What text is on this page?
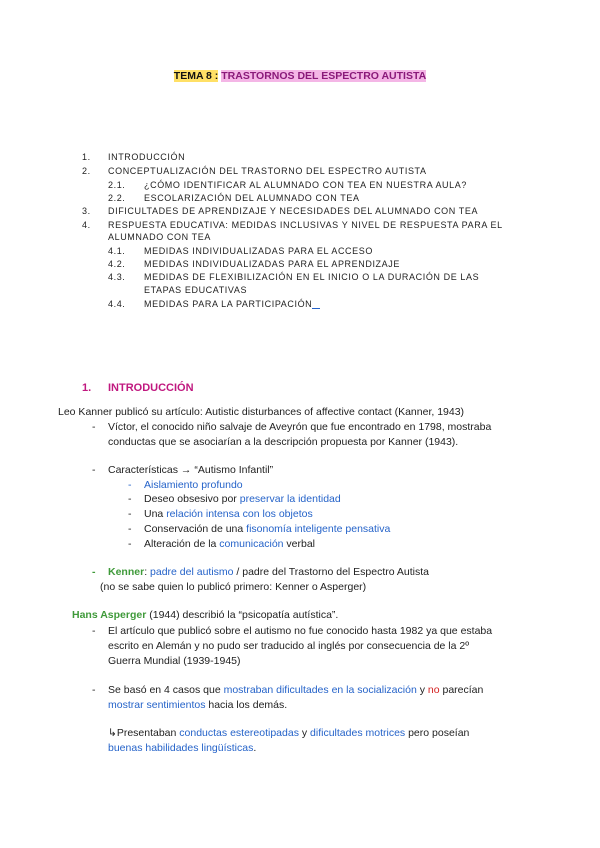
TEMA 8 : TRASTORNOS DEL ESPECTRO AUTISTA
1. INTRODUCCIÓN
2. CONCEPTUALIZACIÓN DEL TRASTORNO DEL ESPECTRO AUTISTA
2.1. ¿CÓMO IDENTIFICAR AL ALUMNADO CON TEA EN NUESTRA AULA?
2.2. ESCOLARIZACIÓN DEL ALUMNADO CON TEA
3. DIFICULTADES DE APRENDIZAJE Y NECESIDADES DEL ALUMNADO CON TEA
4. RESPUESTA EDUCATIVA: MEDIDAS INCLUSIVAS Y NIVEL DE RESPUESTA PARA EL
ALUMNADO CON TEA
4.1. MEDIDAS INDIVIDUALIZADAS PARA EL ACCESO
4.2. MEDIDAS INDIVIDUALIZADAS PARA EL APRENDIZAJE
4.3. MEDIDAS DE FLEXIBILIZACIÓN EN EL INICIO O LA DURACIÓN DE LAS
ETAPAS EDUCATIVAS
4.4. MEDIDAS PARA LA PARTICIPACIÓN
1. INTRODUCCIÓN
Leo Kanner publicó su artículo: Autistic disturbances of affective contact (Kanner, 1943)
- Víctor, el conocido niño salvaje de Aveyrón que fue encontrado en 1798, mostraba
conductas que se asociarían a la descripción propuesta por Kanner (1943).
- Características → “Autismo Infantil”
- Aislamiento profundo
- Deseo obsesivo por preservar la identidad
- Una relación intensa con los objetos
- Conservación de una fisonomía inteligente pensativa
- Alteración de la comunicación verbal
- Kenner: padre del autismo / padre del Trastorno del Espectro Autista
(no se sabe quien lo publicó primero: Kenner o Asperger)
Hans Asperger (1944) describió la “psicopatía autística”.
- El artículo que publicó sobre el autismo no fue conocido hasta 1982 ya que estaba
escrito en Alemán y no pudo ser traducido al inglés por consecuencia de la 2º
Guerra Mundial (1939-1945)
- Se basó en 4 casos que mostraban dificultades en la socialización y no parecían
mostrar sentimientos hacia los demás.
↳Presentaban conductas estereotipadas y dificultades motrices pero poseían
buenas habilidades lingüísticas.
